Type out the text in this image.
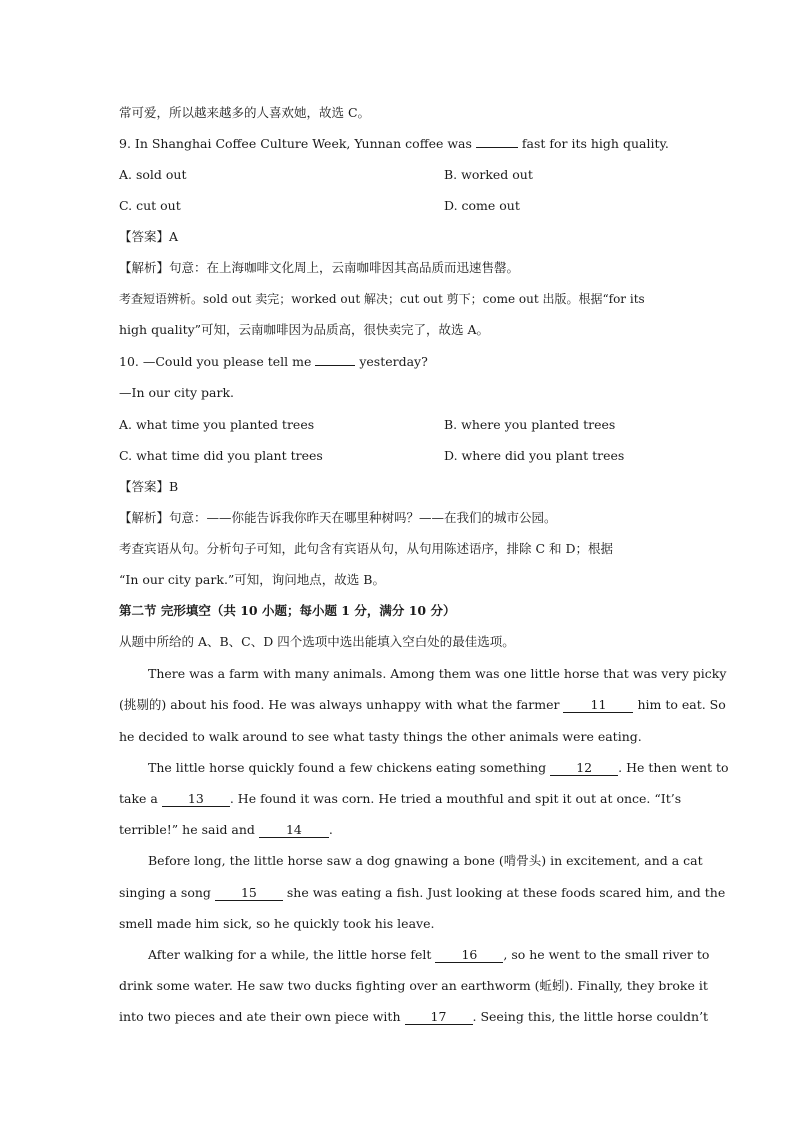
常可爱，所以越来越多的人喜欢她，故选 C。
9. In Shanghai Coffee Culture Week, Yunnan coffee was	fast for its high quality.
A. sold out	B. worked out
C. cut out	D. come out
【答案】A
【解析】句意：在上海咖啡文化周上，云南咖啡因其高品质而迅速售罄。
考查短语辨析。sold out 卖完；worked out 解决；cut out 剪下；come out 出版。根据“for its
high quality”可知，云南咖啡因为品质高，很快卖完了，故选 A。
10. —Could you please tell me	yesterday?
—In our city park.
A. what time you planted trees	B. where you planted trees
C. what time did you plant trees	D. where did you plant trees
【答案】B
【解析】句意：——你能告诉我你昨天在哪里种树吗？——在我们的城市公园。
考查宾语从句。分析句子可知，此句含有宾语从句，从句用陈述语序，排除 C 和 D；根据
“In our city park.”可知，询问地点，故选 B。
第二节 完形填空（共 10 小题；每小题 1 分，满分 10 分）
从题中所给的 A、B、C、D 四个选项中选出能填入空白处的最佳选项。
There was a farm with many animals. Among them was one little horse that was very picky
(挑剔的) about his food. He was always unhappy with what the farmer 11 him to eat. So
he decided to walk around to see what tasty things the other animals were eating.
The little horse quickly found a few chickens eating something 12 . He then went to
take a 13 . He found it was corn. He tried a mouthful and spit it out at once. “It’s
terrible!” he said and 14 .
Before long, the little horse saw a dog gnawing a bone (啃骨头) in excitement, and a cat
singing a song 15 she was eating a fish. Just looking at these foods scared him, and the
smell made him sick, so he quickly took his leave.
After walking for a while, the little horse felt 16 , so he went to the small river to
drink some water. He saw two ducks fighting over an earthworm (蚯蚓). Finally, they broke it
into two pieces and ate their own piece with 17 . Seeing this, the little horse couldn’t
